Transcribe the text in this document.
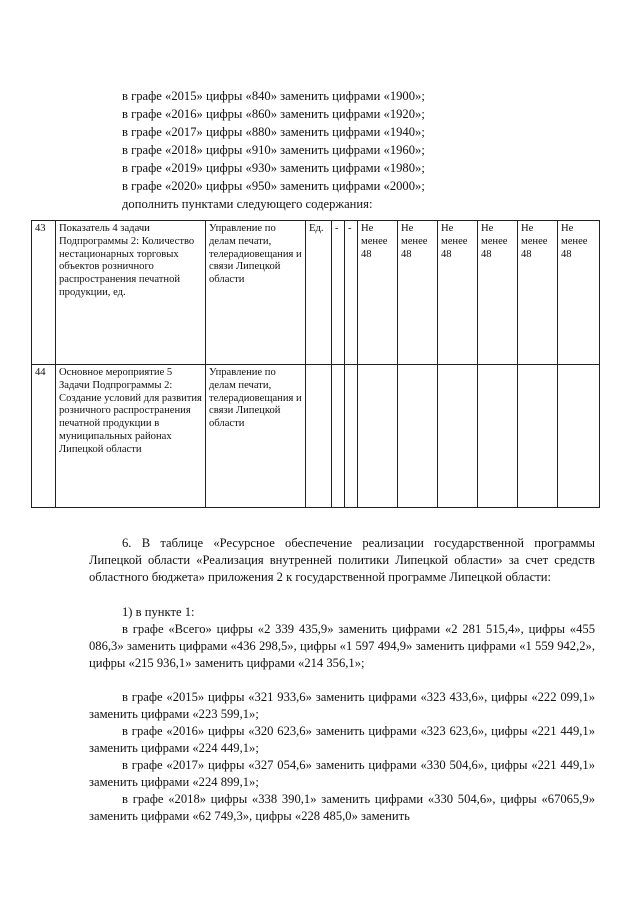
в графе «2015» цифры «840» заменить цифрами «1900»;
в графе «2016» цифры «860» заменить цифрами «1920»;
в графе «2017» цифры «880» заменить цифрами «1940»;
в графе «2018» цифры «910» заменить цифрами «1960»;
в графе «2019» цифры «930» заменить цифрами «1980»;
в графе «2020» цифры «950» заменить цифрами «2000»;
дополнить пунктами следующего содержания:
43	Показатель 4 задачи Подпрограммы 2: Количество нестационарных торговых объектов розничного распространения печатной продукции, ед.	Управление по делам печати, телерадиовещания и связи Липецкой области	Ед.	-	-	Не менее 48	Не менее 48	Не менее 48	Не менее 48	Не менее 48	Не менее 48
44	Основное мероприятие 5 Задачи Подпрограммы 2: Создание условий для развития розничного распространения печатной продукции в муниципальных районах Липецкой области	Управление по делам печати, телерадиовещания и связи Липецкой области									

6. В таблице «Ресурсное обеспечение реализации государственной программы Липецкой области «Реализация внутренней политики Липецкой области» за счет средств областного бюджета» приложения 2 к государственной программе Липецкой области:

1) в пункте 1:

в графе «Всего» цифры «2 339 435,9» заменить цифрами «2 281 515,4», цифры «455 086,3» заменить цифрами «436 298,5», цифры «1 597 494,9» заменить цифрами «1 559 942,2», цифры «215 936,1» заменить цифрами «214 356,1»;

в графе «2015» цифры «321 933,6» заменить цифрами «323 433,6», цифры «222 099,1» заменить цифрами «223 599,1»;

в графе «2016» цифры «320 623,6» заменить цифрами «323 623,6», цифры «221 449,1» заменить цифрами «224 449,1»;

в графе «2017» цифры «327 054,6» заменить цифрами «330 504,6», цифры «221 449,1» заменить цифрами «224 899,1»;

в графе «2018» цифры «338 390,1» заменить цифрами «330 504,6», цифры «67065,9» заменить цифрами «62 749,3», цифры «228 485,0» заменить
